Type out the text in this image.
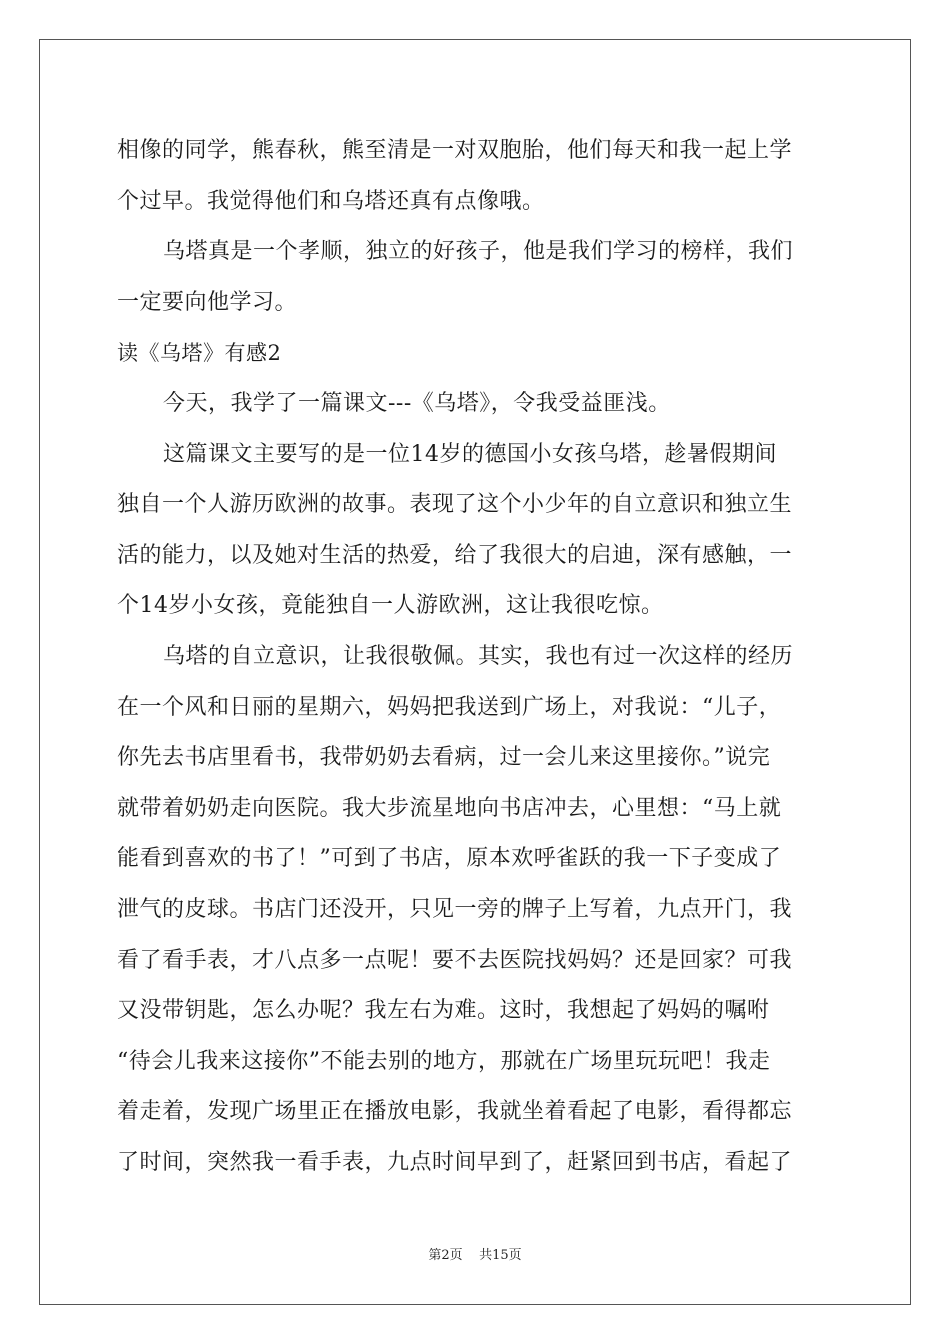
相像的同学，熊春秋，熊至清是一对双胞胎，他们每天和我一起上学
个过早。我觉得他们和乌塔还真有点像哦。
乌塔真是一个孝顺，独立的好孩子，他是我们学习的榜样，我们
一定要向他学习。
读《乌塔》有感2
今天，我学了一篇课文---《乌塔》，令我受益匪浅。
这篇课文主要写的是一位14岁的德国小女孩乌塔，趁暑假期间
独自一个人游历欧洲的故事。表现了这个小少年的自立意识和独立生
活的能力，以及她对生活的热爱，给了我很大的启迪，深有感触，一
个14岁小女孩，竟能独自一人游欧洲，这让我很吃惊。
乌塔的自立意识，让我很敬佩。其实，我也有过一次这样的经历
在一个风和日丽的星期六，妈妈把我送到广场上，对我说：“儿子，
你先去书店里看书，我带奶奶去看病，过一会儿来这里接你。”说完
就带着奶奶走向医院。我大步流星地向书店冲去，心里想：“马上就
能看到喜欢的书了！”可到了书店，原本欢呼雀跃的我一下子变成了
泄气的皮球。书店门还没开，只见一旁的牌子上写着，九点开门，我
看了看手表，才八点多一点呢！要不去医院找妈妈？还是回家？可我
又没带钥匙，怎么办呢？我左右为难。这时，我想起了妈妈的嘱咐
“待会儿我来这接你”不能去别的地方，那就在广场里玩玩吧！我走
着走着，发现广场里正在播放电影，我就坐着看起了电影，看得都忘
了时间，突然我一看手表，九点时间早到了，赶紧回到书店，看起了
第2页    共15页
